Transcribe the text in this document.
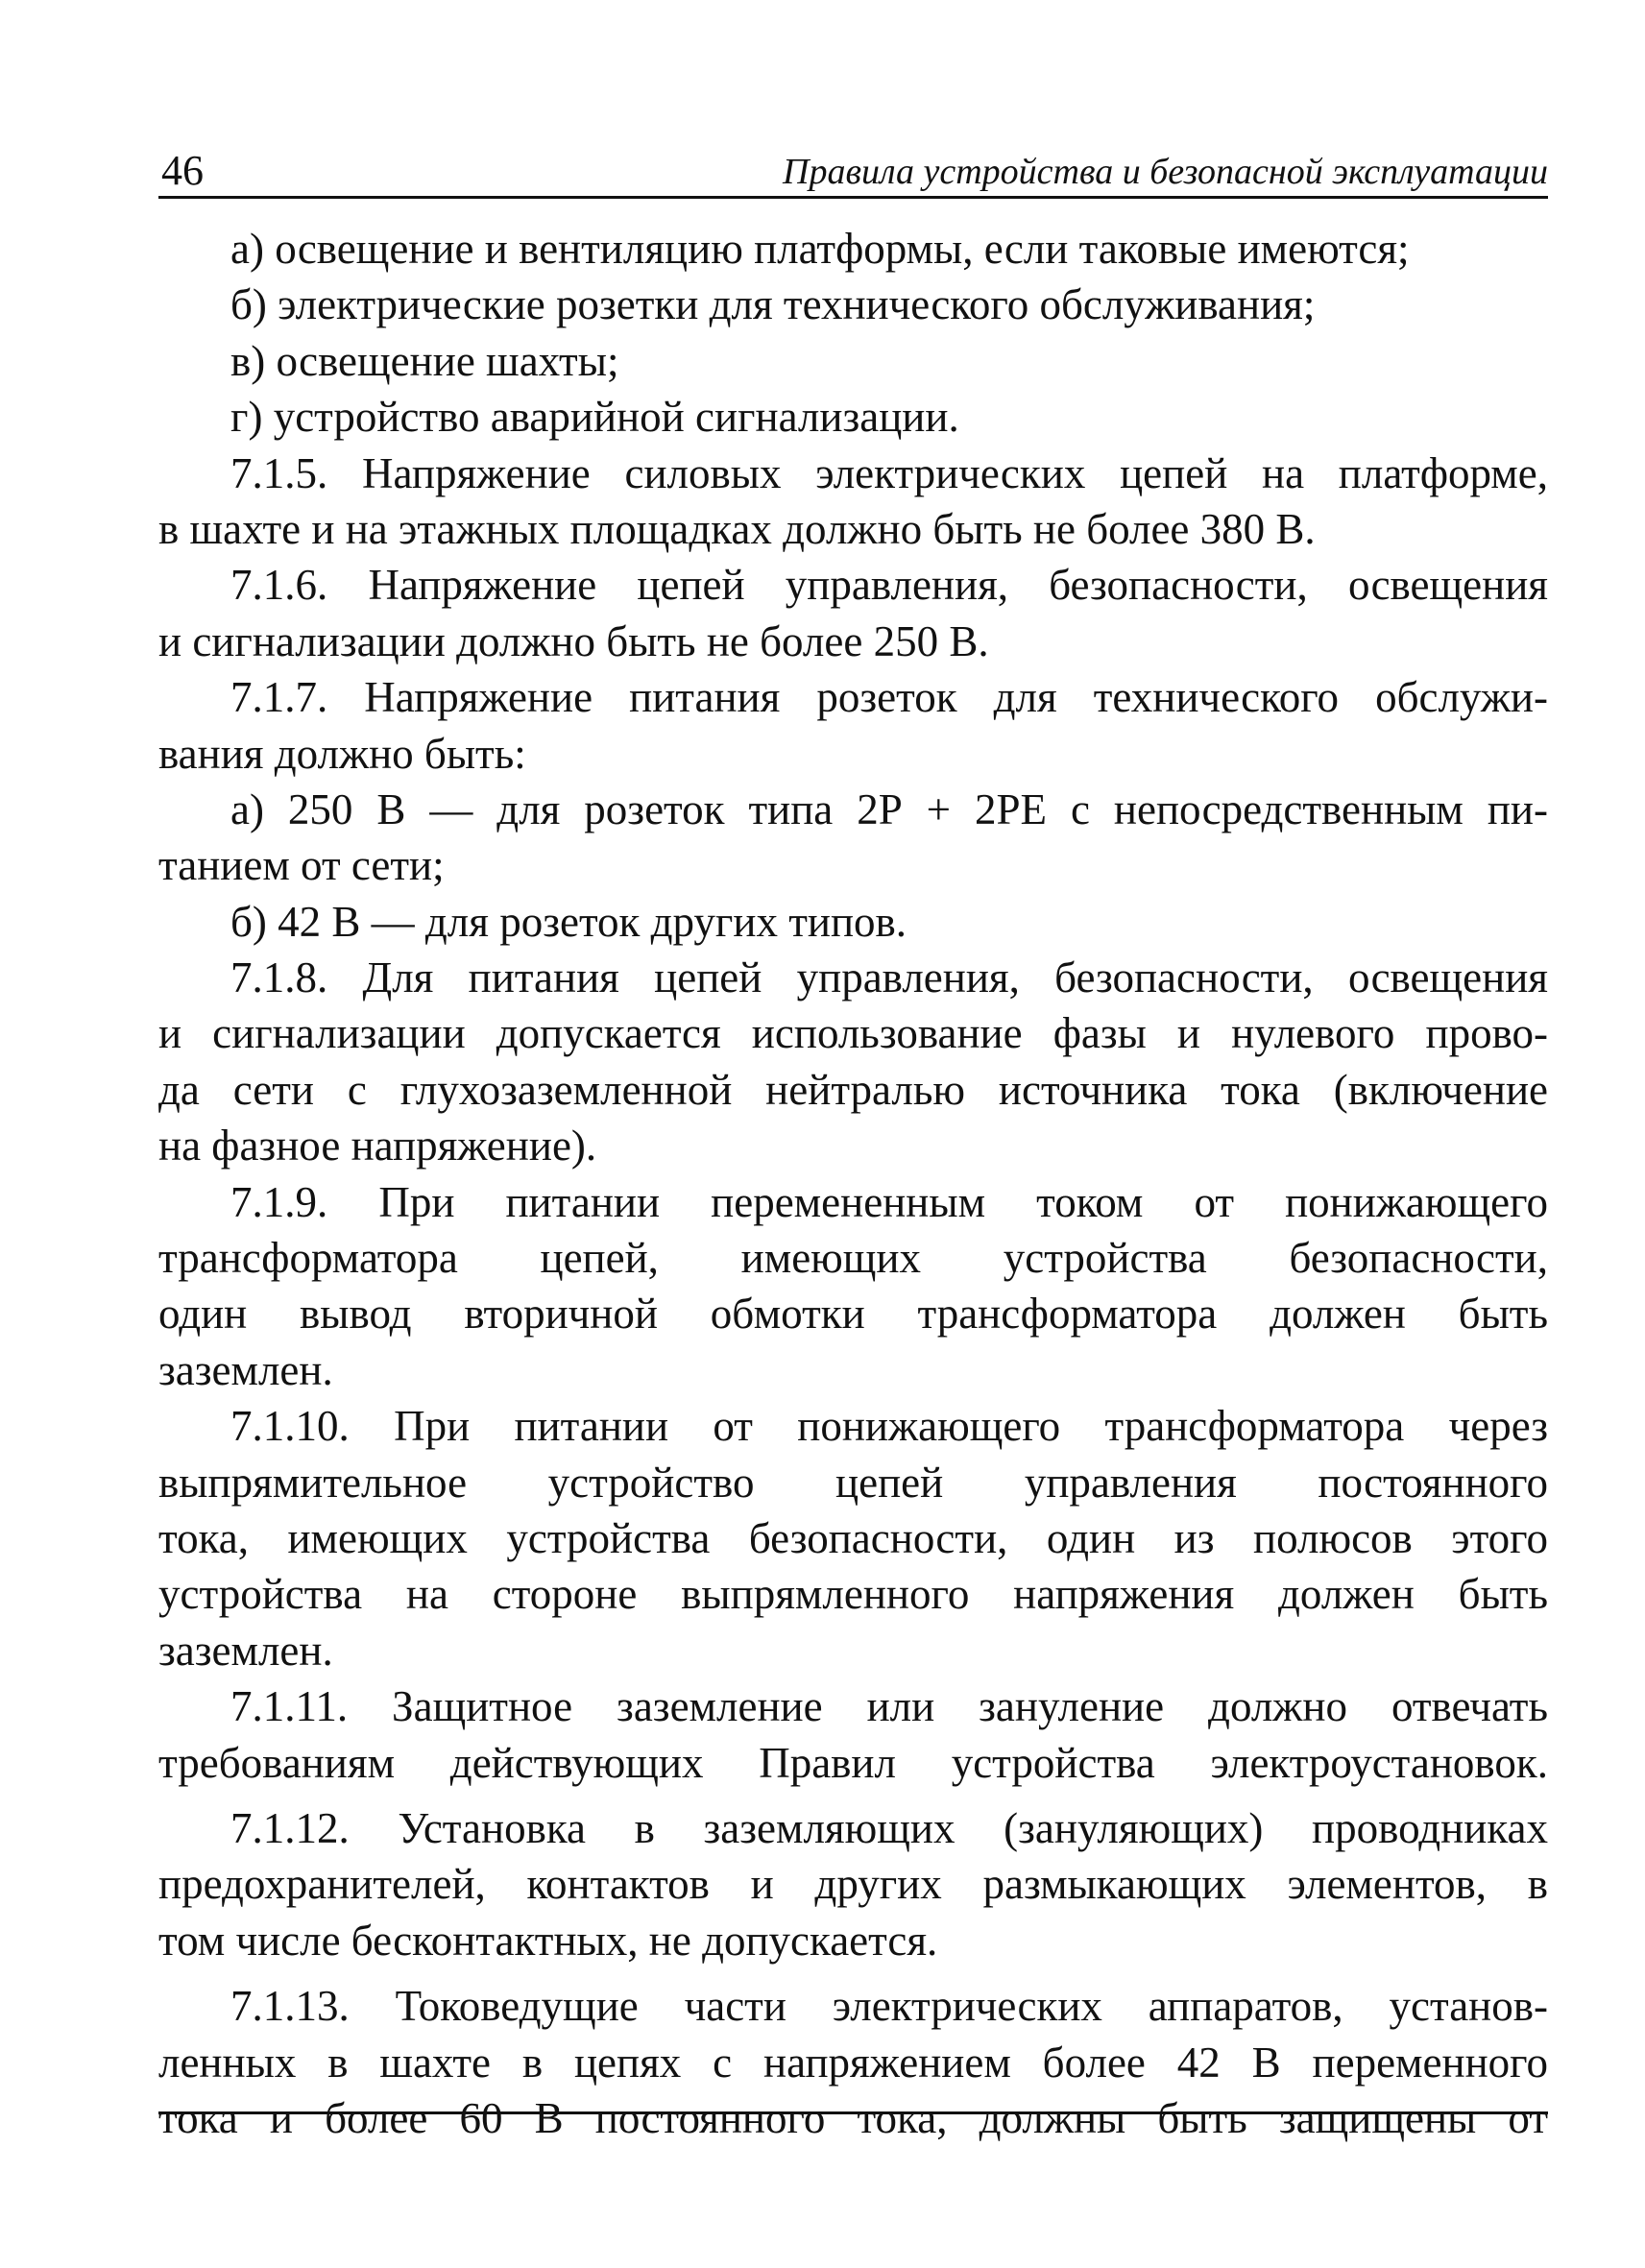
46	Правила устройства и безопасной эксплуатации
а) освещение и вентиляцию платформы, если таковые имеются;
б) электрические розетки для технического обслуживания;
в) освещение шахты;
г) устройство аварийной сигнализации.
7.1.5. Напряжение силовых электрических цепей на платформе,
в шахте и на этажных площадках должно быть не более 380 В.
7.1.6. Напряжение цепей управления, безопасности, освещения
и сигнализации должно быть не более 250 В.
7.1.7. Напряжение питания розеток для технического обслужи-
вания должно быть:
а) 250 В — для розеток типа 2Р + 2РЕ с непосредственным пи-
танием от сети;
б) 42 В — для розеток других типов.
7.1.8. Для питания цепей управления, безопасности, освещения
и сигнализации допускается использование фазы и нулевого прово-
да сети с глухозаземленной нейтралью источника тока (включение
на фазное напряжение).
7.1.9. При питании перемененным током от понижающего
трансформатора цепей, имеющих устройства безопасности,
один вывод вторичной обмотки трансформатора должен быть
заземлен.
7.1.10. При питании от понижающего трансформатора через
выпрямительное устройство цепей управления постоянного
тока, имеющих устройства безопасности, один из полюсов этого
устройства на стороне выпрямленного напряжения должен быть
заземлен.
7.1.11. Защитное заземление или зануление должно отвечать
требованиям действующих Правил устройства электроустановок.
7.1.12. Установка в заземляющих (зануляющих) проводниках
предохранителей, контактов и других размыкающих элементов, в
том числе бесконтактных, не допускается.
7.1.13. Токоведущие части электрических аппаратов, установ-
ленных в шахте в цепях с напряжением более 42 В переменного
тока и более 60 В постоянного тока, должны быть защищены от
